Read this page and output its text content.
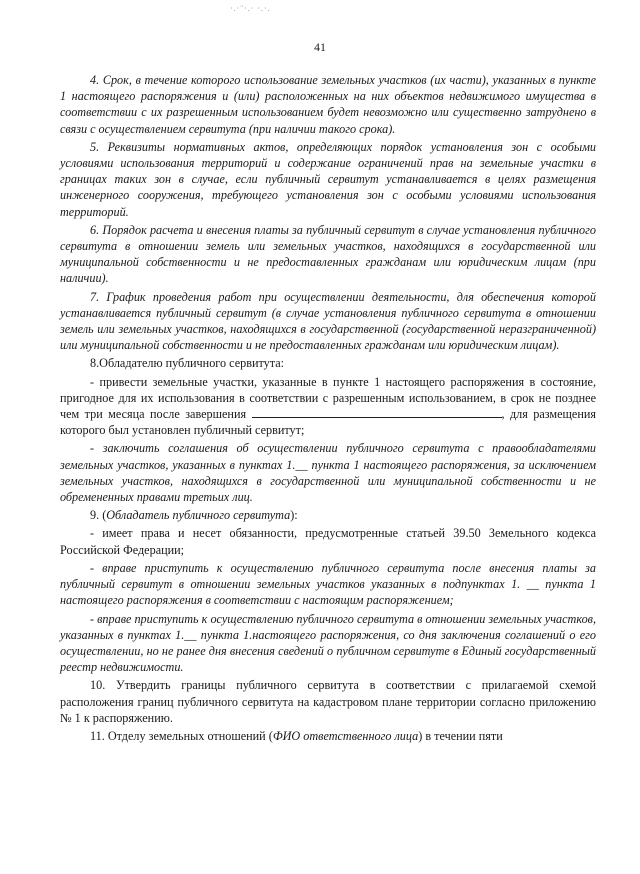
·.·¨·.· ·.·.
41

4. Срок, в течение которого использование земельных участков (их части), указанных в пункте 1 настоящего распоряжения и (или) расположенных на них объектов недвижимого имущества в соответствии с их разрешенным использованием будет невозможно или существенно затруднено в связи с осуществлением сервитута (при наличии такого срока).

5. Реквизиты нормативных актов, определяющих порядок установления зон с особыми условиями использования территорий и содержание ограничений прав на земельные участки в границах таких зон в случае, если публичный сервитут устанавливается в целях размещения инженерного сооружения, требующего установления зон с особыми условиями использования территорий.

6. Порядок расчета и внесения платы за публичный сервитут в случае установления публичного сервитута в отношении земель или земельных участков, находящихся в государственной или муниципальной собственности и не предоставленных гражданам или юридическим лицам (при наличии).

7. График проведения работ при осуществлении деятельности, для обеспечения которой устанавливается публичный сервитут (в случае установления публичного сервитута в отношении земель или земельных участков, находящихся в государственной (государственной неразграниченной) или муниципальной собственности и не предоставленных гражданам или юридическим лицам).

8.Обладателю публичного сервитута:

- привести земельные участки, указанные в пункте 1 настоящего распоряжения в состояние, пригодное для их использования в соответствии с разрешенным использованием, в срок не позднее чем три месяца после завершения	, для размещения которого был установлен публичный сервитут;

- заключить соглашения об осуществлении публичного сервитута с правообладателями земельных участков, указанных в пунктах 1.__ пункта 1 настоящего распоряжения, за исключением земельных участков, находящихся в государственной или муниципальной собственности и не обремененных правами третьих лиц.

9. (Обладатель публичного сервитута):

- имеет права и несет обязанности, предусмотренные статьей 39.50 Земельного кодекса Российской Федерации;

- вправе приступить к осуществлению публичного сервитута после внесения платы за публичный сервитут в отношении земельных участков указанных в подпунктах 1. __ пункта 1 настоящего распоряжения в соответствии с настоящим распоряжением;

- вправе приступить к осуществлению публичного сервитута в отношении земельных участков, указанных в пунктах 1.__ пункта 1.настоящего распоряжения, со дня заключения соглашений о его осуществлении, но не ранее дня внесения сведений о публичном сервитуте в Единый государственный реестр недвижимости.

10. Утвердить границы публичного сервитута в соответствии с прилагаемой схемой расположения границ публичного сервитута на кадастровом плане территории согласно приложению № 1 к распоряжению.

11. Отделу земельных отношений (ФИО ответственного лица) в течении пяти
